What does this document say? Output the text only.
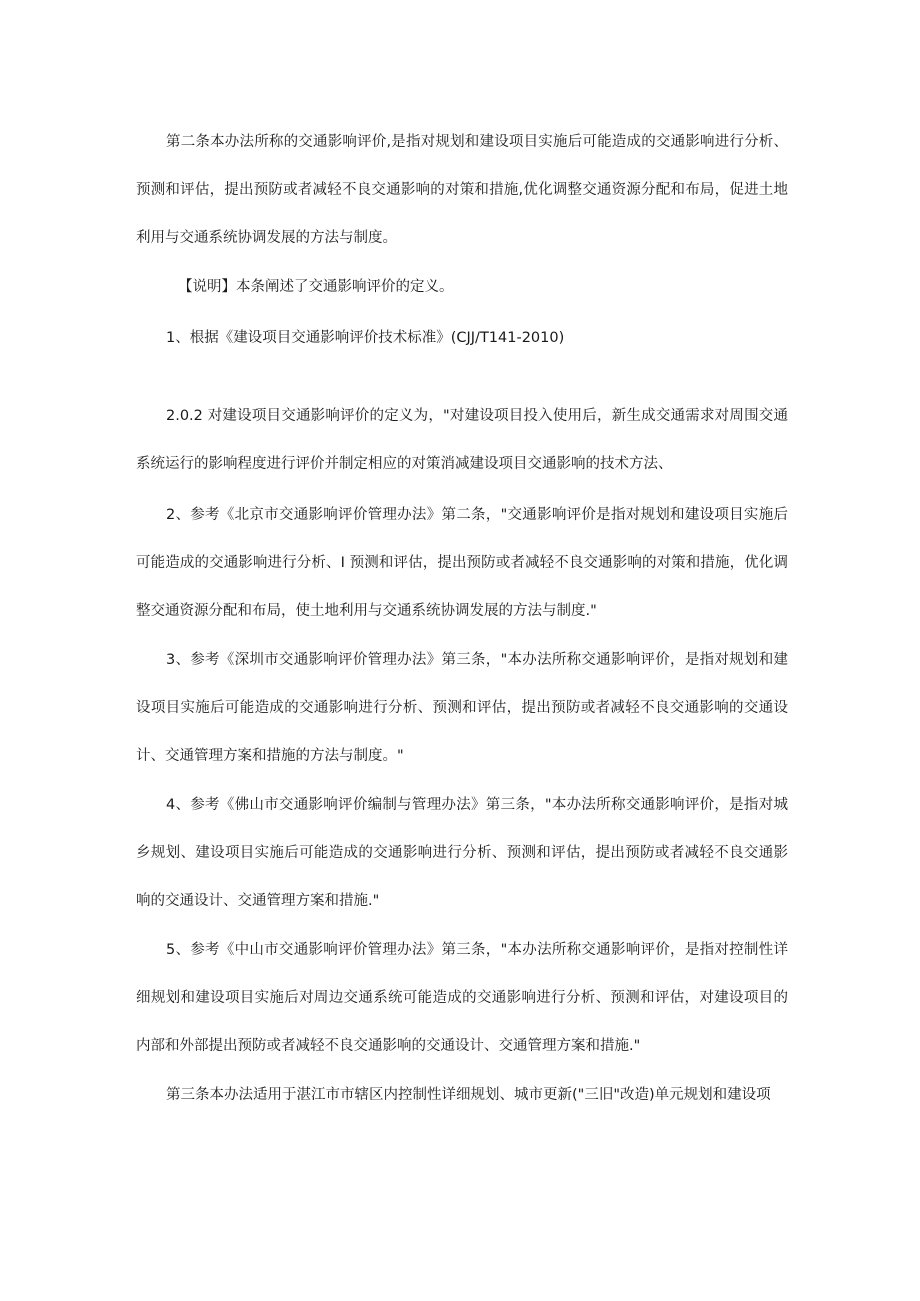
第二条本办法所称的交通影响评价,是指对规划和建设项目实施后可能造成的交通影响进行分析、预测和评估，提出预防或者减轻不良交通影响的对策和措施,优化调整交通资源分配和布局，促进土地利用与交通系统协调发展的方法与制度。

【说明】本条阐述了交通影响评价的定义。

1、根据《建设项目交通影响评价技术标准》(CJJ/T141-2010)

2.0.2 对建设项目交通影响评价的定义为，"对建设项目投入使用后，新生成交通需求对周围交通系统运行的影响程度进行评价并制定相应的对策消减建设项目交通影响的技术方法、

2、参考《北京市交通影响评价管理办法》第二条，"交通影响评价是指对规划和建设项目实施后可能造成的交通影响进行分析、I 预测和评估，提出预防或者减轻不良交通影响的对策和措施，优化调整交通资源分配和布局，使土地利用与交通系统协调发展的方法与制度."

3、参考《深圳市交通影响评价管理办法》第三条，"本办法所称交通影响评价，是指对规划和建设项目实施后可能造成的交通影响进行分析、预测和评估，提出预防或者减轻不良交通影响的交通设计、交通管理方案和措施的方法与制度。"

4、参考《佛山市交通影响评价编制与管理办法》第三条，"本办法所称交通影响评价，是指对城乡规划、建设项目实施后可能造成的交通影响进行分析、预测和评估，提出预防或者减轻不良交通影响的交通设计、交通管理方案和措施."

5、参考《中山市交通影响评价管理办法》第三条，"本办法所称交通影响评价，是指对控制性详细规划和建设项目实施后对周边交通系统可能造成的交通影响进行分析、预测和评估，对建设项目的内部和外部提出预防或者减轻不良交通影响的交通设计、交通管理方案和措施."

第三条本办法适用于湛江市市辖区内控制性详细规划、城市更新("三旧"改造)单元规划和建设项
